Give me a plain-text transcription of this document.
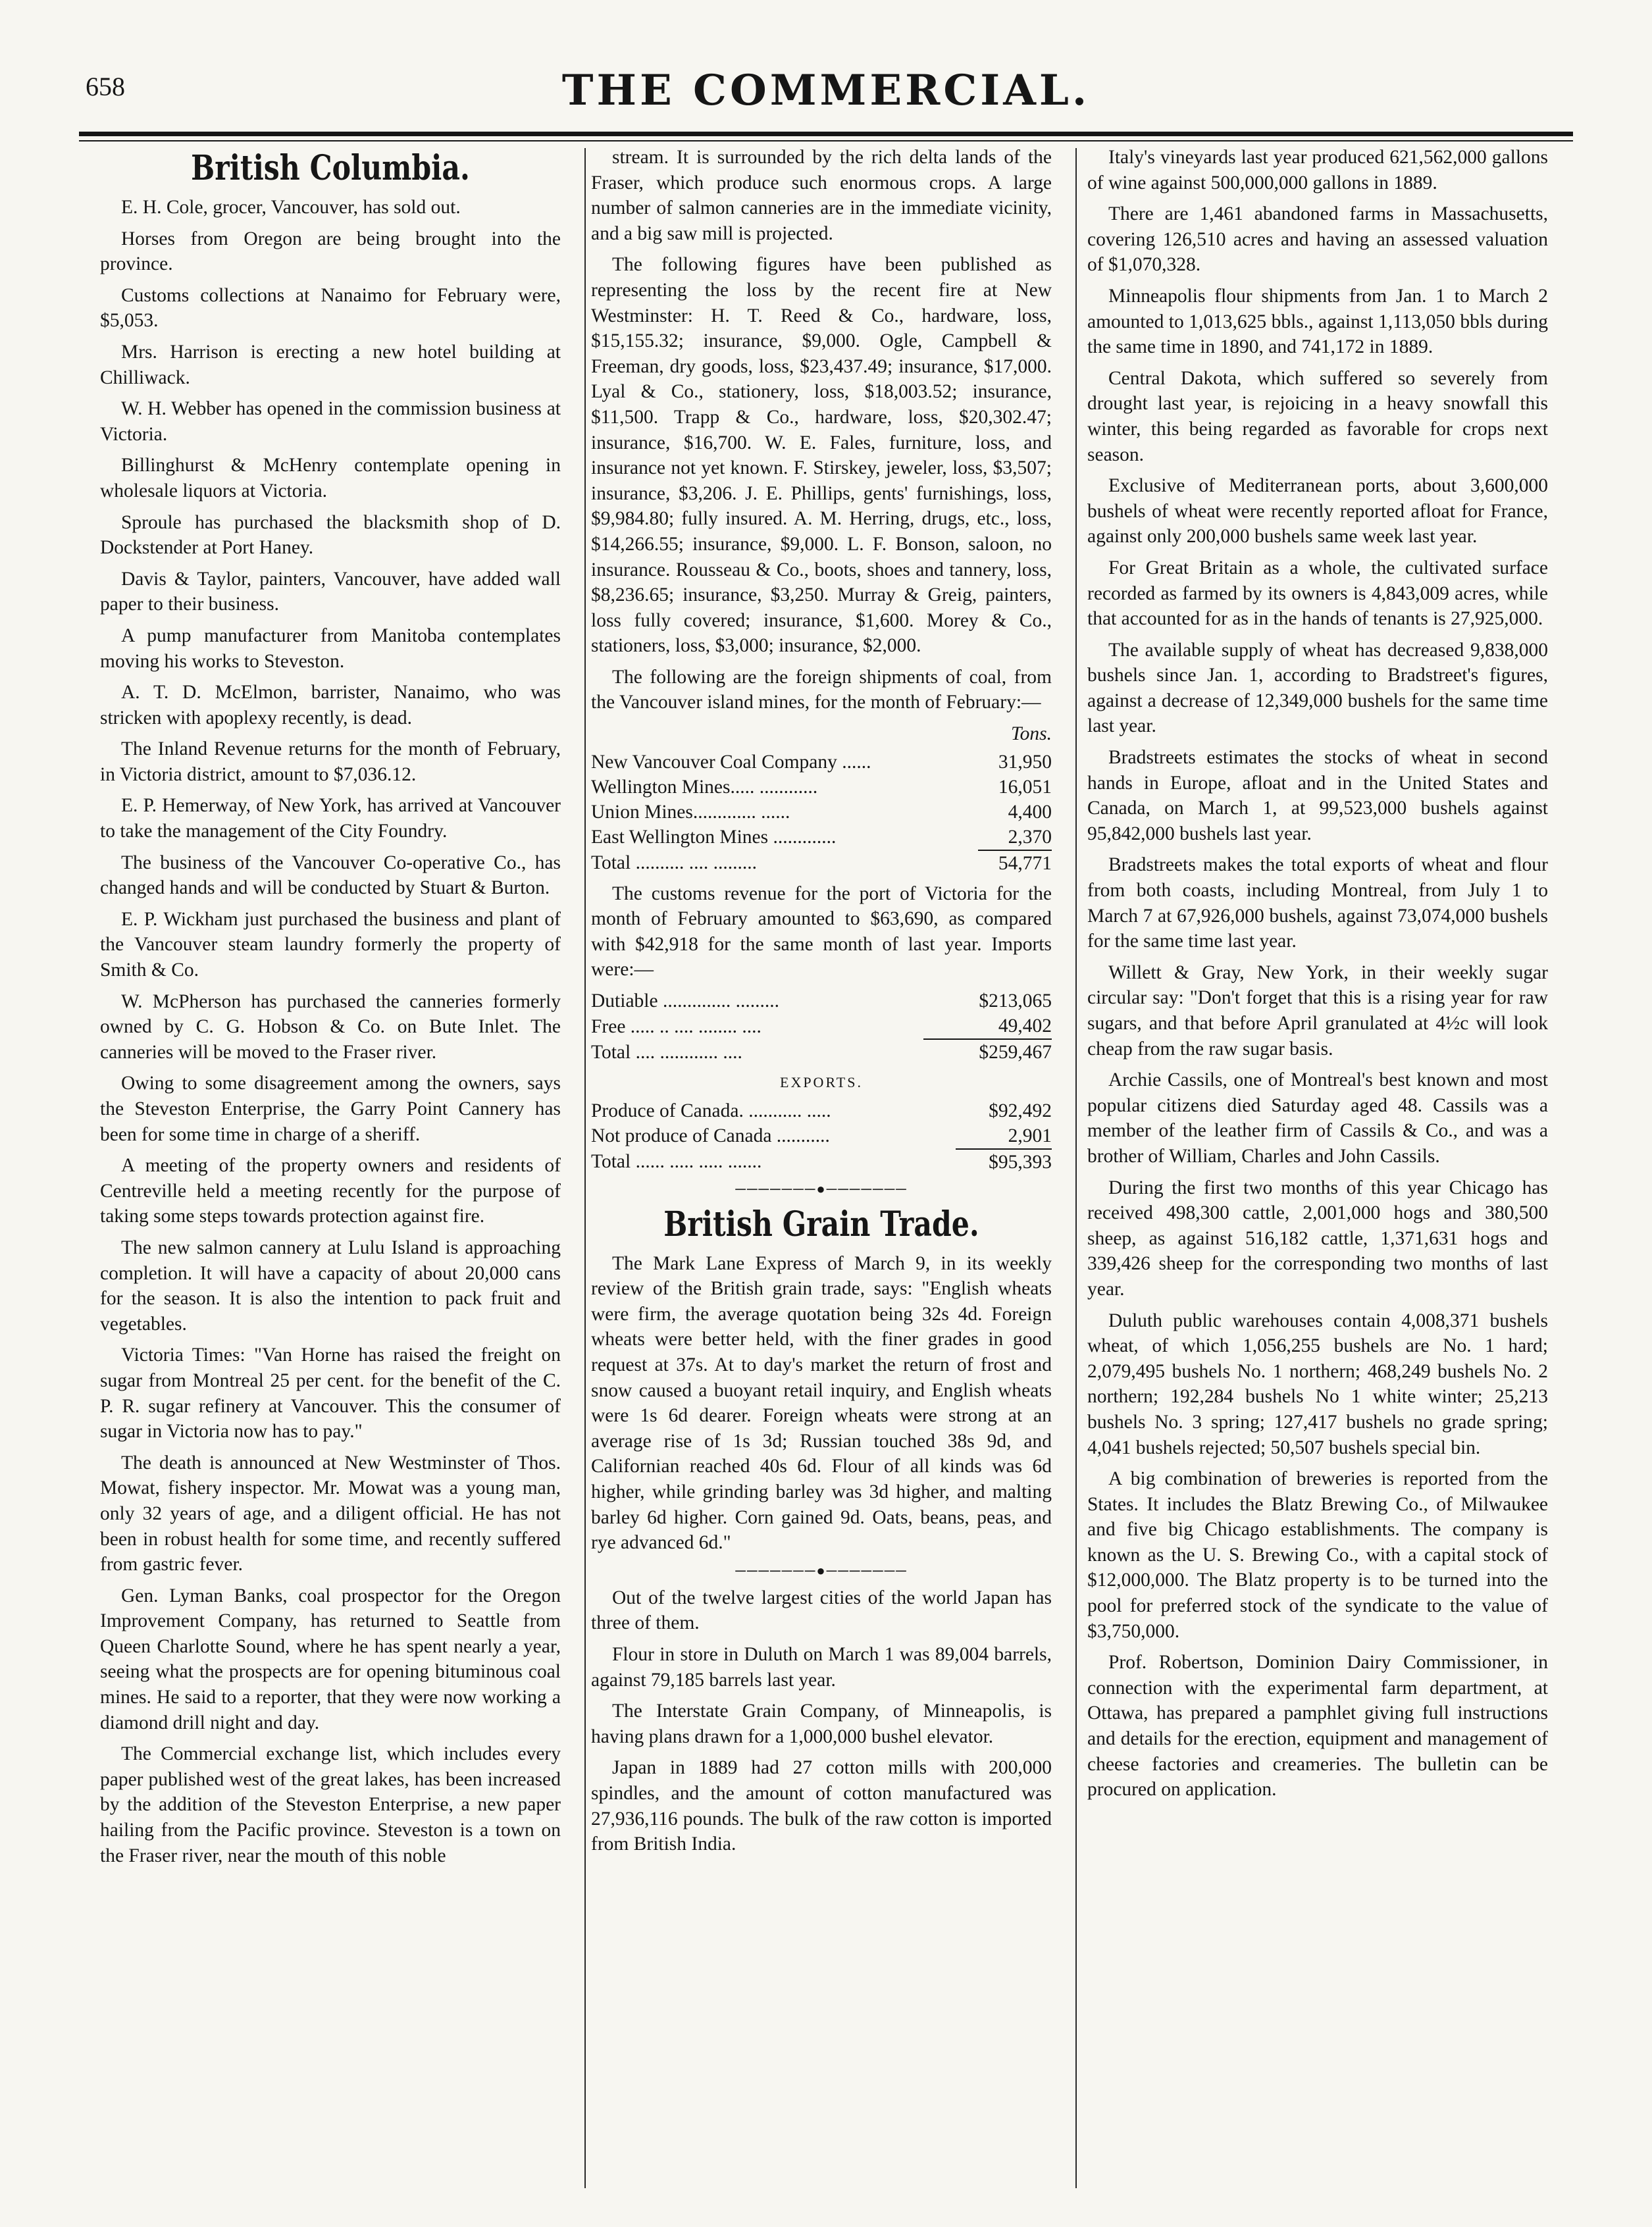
658	THE COMMERCIAL.
British Columbia.

E. H. Cole, grocer, Vancouver, has sold out.

Horses from Oregon are being brought into the province.

Customs collections at Nanaimo for February were, $5,053.

Mrs. Harrison is erecting a new hotel building at Chilliwack.

W. H. Webber has opened in the commission business at Victoria.

Billinghurst & McHenry contemplate opening in wholesale liquors at Victoria.

Sproule has purchased the blacksmith shop of D. Dockstender at Port Haney.

Davis & Taylor, painters, Vancouver, have added wall paper to their business.

A pump manufacturer from Manitoba contemplates moving his works to Steveston.

A. T. D. McElmon, barrister, Nanaimo, who was stricken with apoplexy recently, is dead.

The Inland Revenue returns for the month of February, in Victoria district, amount to $7,036.12.

E. P. Hemerway, of New York, has arrived at Vancouver to take the management of the City Foundry.

The business of the Vancouver Co-operative Co., has changed hands and will be conducted by Stuart & Burton.

E. P. Wickham just purchased the business and plant of the Vancouver steam laundry formerly the property of Smith & Co.

W. McPherson has purchased the canneries formerly owned by C. G. Hobson & Co. on Bute Inlet. The canneries will be moved to the Fraser river.

Owing to some disagreement among the owners, says the Steveston Enterprise, the Garry Point Cannery has been for some time in charge of a sheriff.

A meeting of the property owners and residents of Centreville held a meeting recently for the purpose of taking some steps towards protection against fire.

The new salmon cannery at Lulu Island is approaching completion. It will have a capacity of about 20,000 cans for the season. It is also the intention to pack fruit and vegetables.

Victoria Times: "Van Horne has raised the freight on sugar from Montreal 25 per cent. for the benefit of the C. P. R. sugar refinery at Vancouver. This the consumer of sugar in Victoria now has to pay."

The death is announced at New Westminster of Thos. Mowat, fishery inspector. Mr. Mowat was a young man, only 32 years of age, and a diligent official. He has not been in robust health for some time, and recently suffered from gastric fever.

Gen. Lyman Banks, coal prospector for the Oregon Improvement Company, has returned to Seattle from Queen Charlotte Sound, where he has spent nearly a year, seeing what the prospects are for opening bituminous coal mines. He said to a reporter, that they were now working a diamond drill night and day.

The Commercial exchange list, which includes every paper published west of the great lakes, has been increased by the addition of the Steveston Enterprise, a new paper hailing from the Pacific province. Steveston is a town on the Fraser river, near the mouth of this noble

stream. It is surrounded by the rich delta lands of the Fraser, which produce such enormous crops. A large number of salmon canneries are in the immediate vicinity, and a big saw mill is projected.

The following figures have been published as representing the loss by the recent fire at New Westminster: H. T. Reed & Co., hardware, loss, $15,155.32; insurance, $9,000. Ogle, Campbell & Freeman, dry goods, loss, $23,437.49; insurance, $17,000. Lyal & Co., stationery, loss, $18,003.52; insurance, $11,500. Trapp & Co., hardware, loss, $20,302.47; insurance, $16,700. W. E. Fales, furniture, loss, and insurance not yet known. F. Stirskey, jeweler, loss, $3,507; insurance, $3,206. J. E. Phillips, gents' furnishings, loss, $9,984.80; fully insured. A. M. Herring, drugs, etc., loss, $14,266.55; insurance, $9,000. L. F. Bonson, saloon, no insurance. Rousseau & Co., boots, shoes and tannery, loss, $8,236.65; insurance, $3,250. Murray & Greig, painters, loss fully covered; insurance, $1,600. Morey & Co., stationers, loss, $3,000; insurance, $2,000.

The following are the foreign shipments of coal, from the Vancouver island mines, for the month of February:—

Tons.
New Vancouver Coal Company ......	31,950
Wellington Mines..... ............	16,051
Union Mines............. ......	4,400
East Wellington Mines .............	2,370
Total .......... .... .........	54,771

The customs revenue for the port of Victoria for the month of February amounted to $63,690, as compared with $42,918 for the same month of last year. Imports were:—

Dutiable .............. .........	$213,065
Free ..... .. .... ........ ....	49,402
Total .... ............ ....	$259,467
EXPORTS.
Produce of Canada. ........... .....	$92,492
Not produce of Canada ...........	2,901
Total ...... ..... ..... .......	$95,393
───────●───────
British Grain Trade.

The Mark Lane Express of March 9, in its weekly review of the British grain trade, says: "English wheats were firm, the average quotation being 32s 4d. Foreign wheats were better held, with the finer grades in good request at 37s. At to day's market the return of frost and snow caused a buoyant retail inquiry, and English wheats were 1s 6d dearer. Foreign wheats were strong at an average rise of 1s 3d; Russian touched 38s 9d, and Californian reached 40s 6d. Flour of all kinds was 6d higher, while grinding barley was 3d higher, and malting barley 6d higher. Corn gained 9d. Oats, beans, peas, and rye advanced 6d."

───────●───────

Out of the twelve largest cities of the world Japan has three of them.

Flour in store in Duluth on March 1 was 89,004 barrels, against 79,185 barrels last year.

The Interstate Grain Company, of Minneapolis, is having plans drawn for a 1,000,000 bushel elevator.

Japan in 1889 had 27 cotton mills with 200,000 spindles, and the amount of cotton manufactured was 27,936,116 pounds. The bulk of the raw cotton is imported from British India.

Italy's vineyards last year produced 621,562,000 gallons of wine against 500,000,000 gallons in 1889.

There are 1,461 abandoned farms in Massachusetts, covering 126,510 acres and having an assessed valuation of $1,070,328.

Minneapolis flour shipments from Jan. 1 to March 2 amounted to 1,013,625 bbls., against 1,113,050 bbls during the same time in 1890, and 741,172 in 1889.

Central Dakota, which suffered so severely from drought last year, is rejoicing in a heavy snowfall this winter, this being regarded as favorable for crops next season.

Exclusive of Mediterranean ports, about 3,600,000 bushels of wheat were recently reported afloat for France, against only 200,000 bushels same week last year.

For Great Britain as a whole, the cultivated surface recorded as farmed by its owners is 4,843,009 acres, while that accounted for as in the hands of tenants is 27,925,000.

The available supply of wheat has decreased 9,838,000 bushels since Jan. 1, according to Bradstreet's figures, against a decrease of 12,349,000 bushels for the same time last year.

Bradstreets estimates the stocks of wheat in second hands in Europe, afloat and in the United States and Canada, on March 1, at 99,523,000 bushels against 95,842,000 bushels last year.

Bradstreets makes the total exports of wheat and flour from both coasts, including Montreal, from July 1 to March 7 at 67,926,000 bushels, against 73,074,000 bushels for the same time last year.

Willett & Gray, New York, in their weekly sugar circular say: "Don't forget that this is a rising year for raw sugars, and that before April granulated at 4½c will look cheap from the raw sugar basis.

Archie Cassils, one of Montreal's best known and most popular citizens died Saturday aged 48. Cassils was a member of the leather firm of Cassils & Co., and was a brother of William, Charles and John Cassils.

During the first two months of this year Chicago has received 498,300 cattle, 2,001,000 hogs and 380,500 sheep, as against 516,182 cattle, 1,371,631 hogs and 339,426 sheep for the corresponding two months of last year.

Duluth public warehouses contain 4,008,371 bushels wheat, of which 1,056,255 bushels are No. 1 hard; 2,079,495 bushels No. 1 northern; 468,249 bushels No. 2 northern; 192,284 bushels No 1 white winter; 25,213 bushels No. 3 spring; 127,417 bushels no grade spring; 4,041 bushels rejected; 50,507 bushels special bin.

A big combination of breweries is reported from the States. It includes the Blatz Brewing Co., of Milwaukee and five big Chicago establishments. The company is known as the U. S. Brewing Co., with a capital stock of $12,000,000. The Blatz property is to be turned into the pool for preferred stock of the syndicate to the value of $3,750,000.

Prof. Robertson, Dominion Dairy Commissioner, in connection with the experimental farm department, at Ottawa, has prepared a pamphlet giving full instructions and details for the erection, equipment and management of cheese factories and creameries. The bulletin can be procured on application.
